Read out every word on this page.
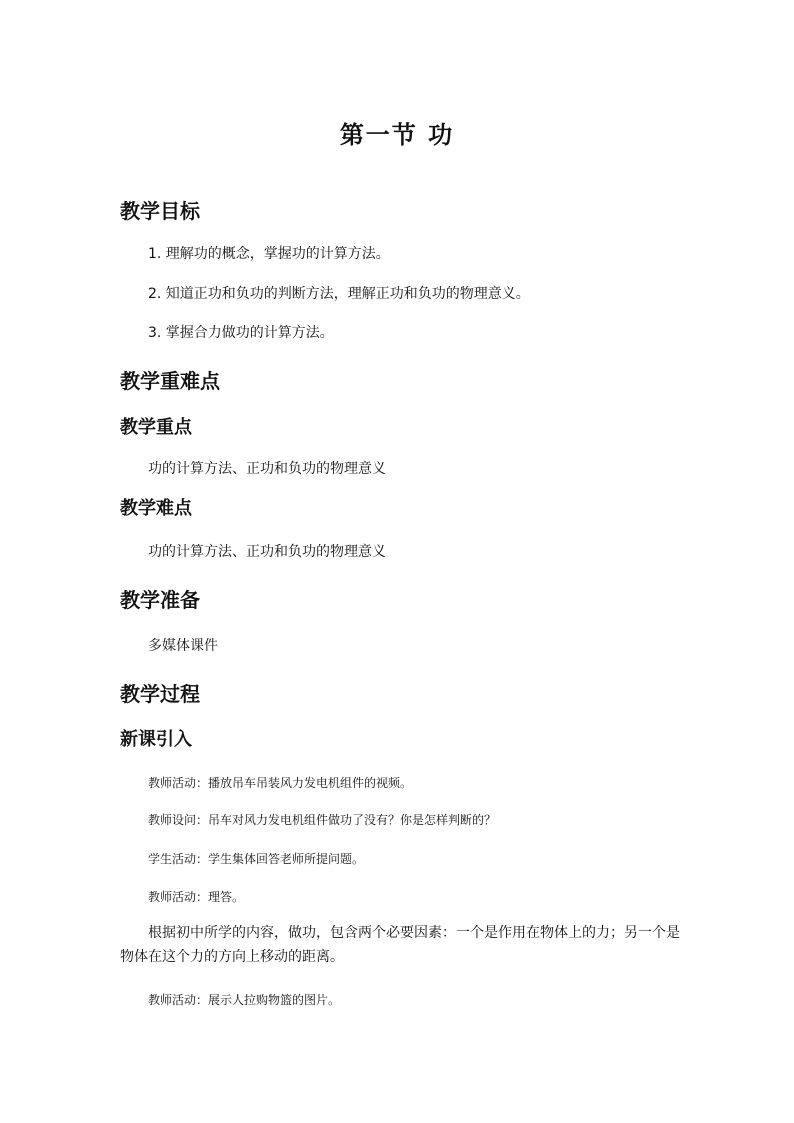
第一节 功
教学目标
1. 理解功的概念，掌握功的计算方法。
2. 知道正功和负功的判断方法，理解正功和负功的物理意义。
3. 掌握合力做功的计算方法。
教学重难点
教学重点
功的计算方法、正功和负功的物理意义
教学难点
功的计算方法、正功和负功的物理意义
教学准备
多媒体课件
教学过程
新课引入
教师活动：播放吊车吊装风力发电机组件的视频。
教师设问：吊车对风力发电机组件做功了没有？你是怎样判断的？
学生活动：学生集体回答老师所提问题。
教师活动：理答。
根据初中所学的内容，做功，包含两个必要因素：一个是作用在物体上的力；另一个是物体在这个力的方向上移动的距离。
教师活动：展示人拉购物篮的图片。
